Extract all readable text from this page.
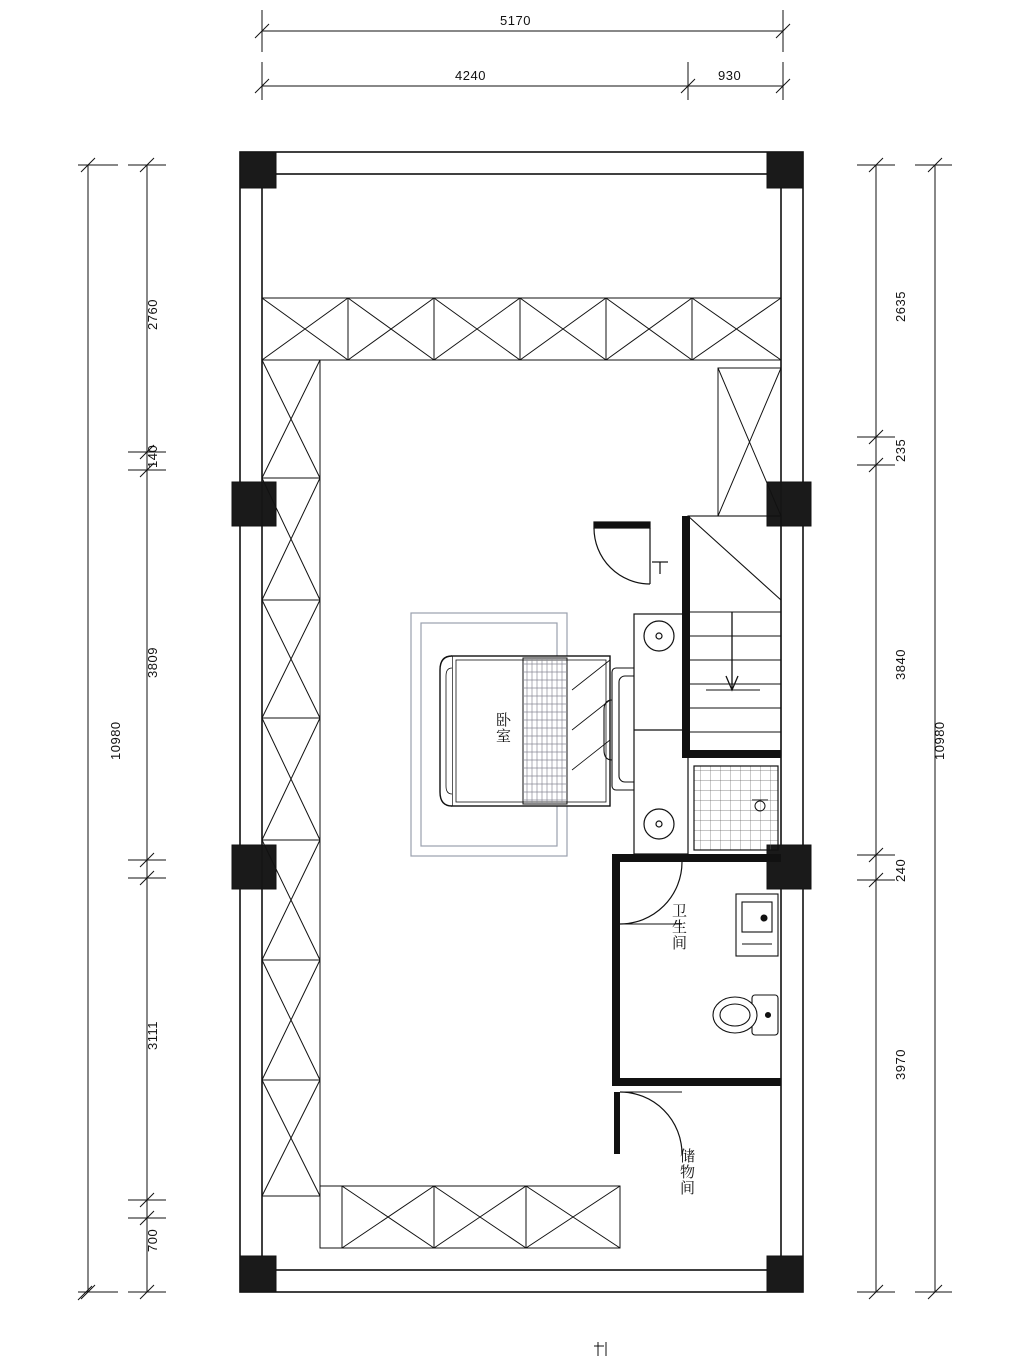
5170
4240	930
10980
2760
140
3809
3111
700
10980
2635
235
3840
240
3970
卧室
卫生间
储物间
